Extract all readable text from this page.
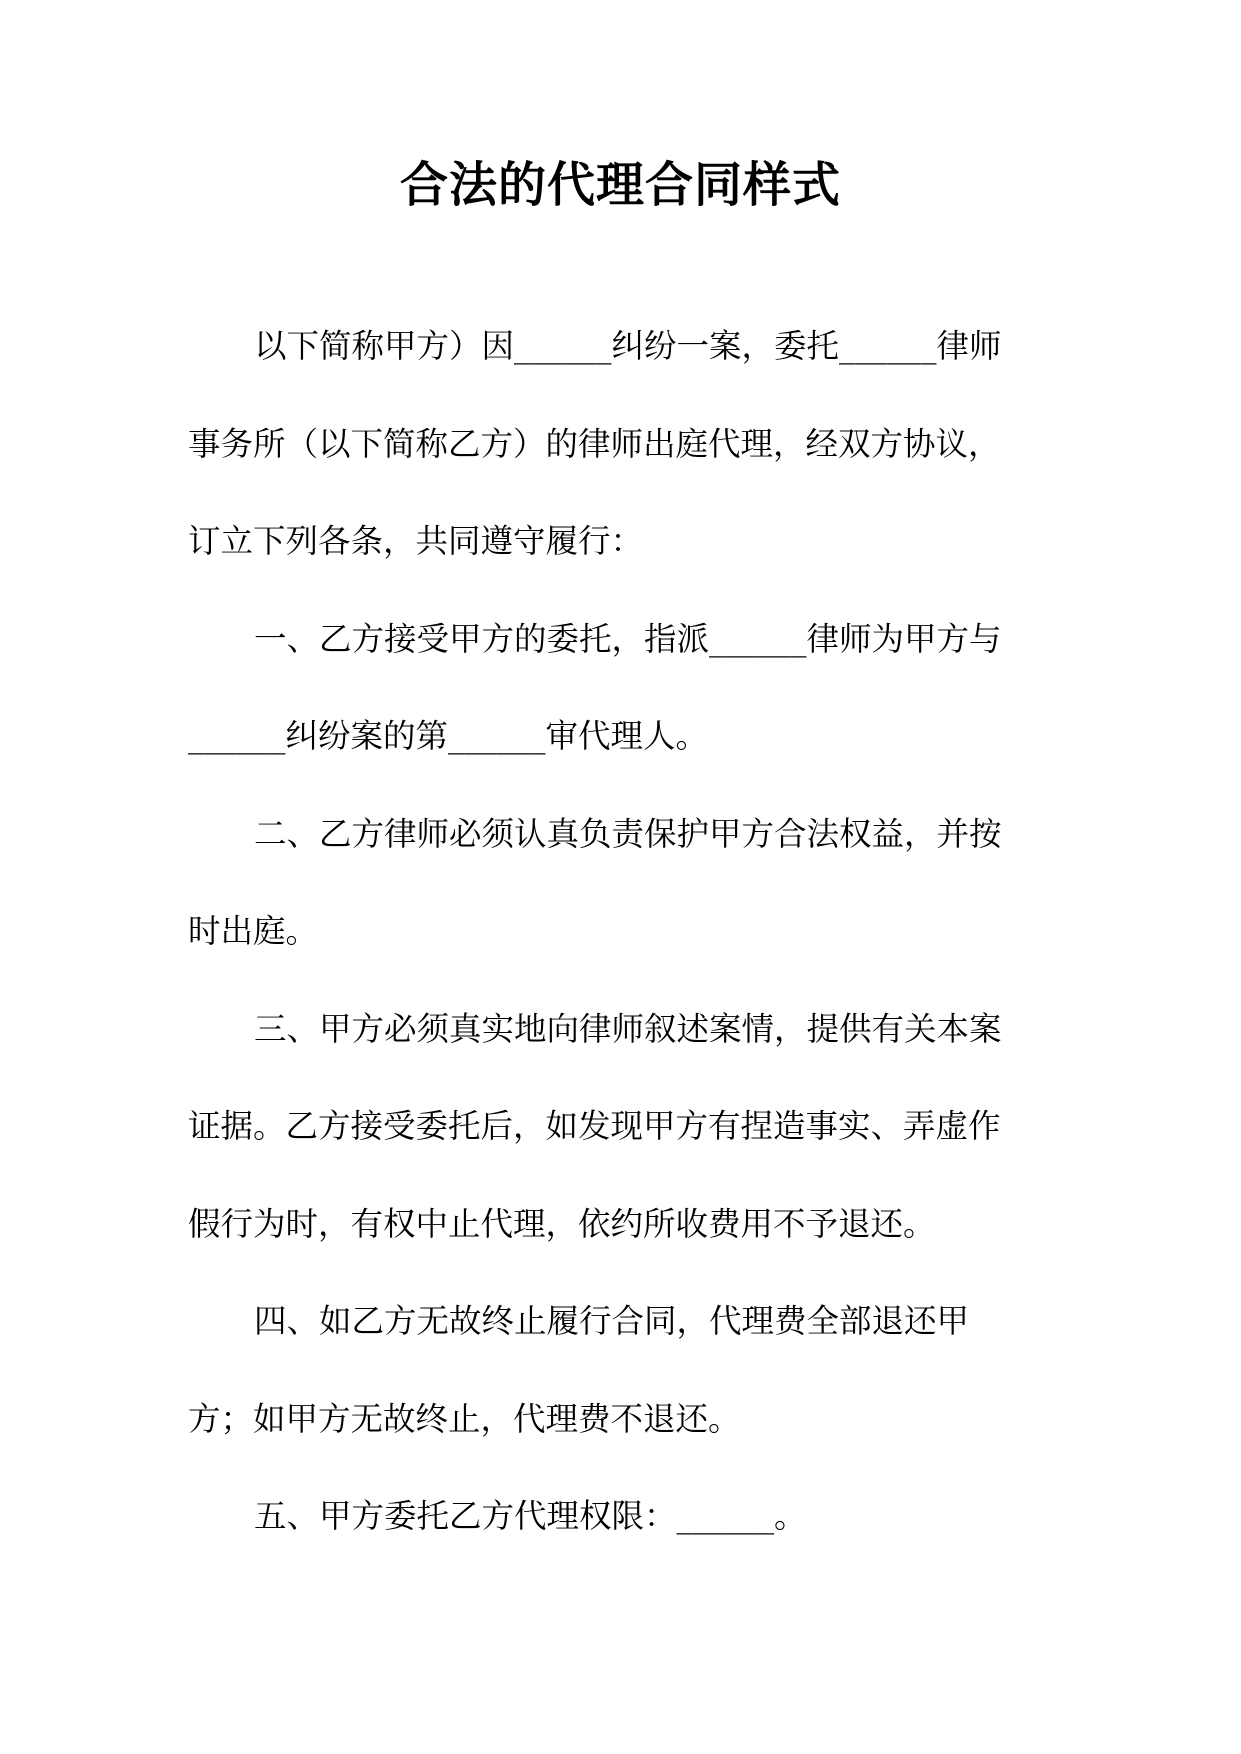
合法的代理合同样式
以下简称甲方）因______纠纷一案，委托______律师
事务所（以下简称乙方）的律师出庭代理，经双方协议，
订立下列各条，共同遵守履行：
一、乙方接受甲方的委托，指派______律师为甲方与
______纠纷案的第______审代理人。
二、乙方律师必须认真负责保护甲方合法权益，并按
时出庭。
三、甲方必须真实地向律师叙述案情，提供有关本案
证据。乙方接受委托后，如发现甲方有捏造事实、弄虚作
假行为时，有权中止代理，依约所收费用不予退还。
四、如乙方无故终止履行合同，代理费全部退还甲
方；如甲方无故终止，代理费不退还。
五、甲方委托乙方代理权限：______。
